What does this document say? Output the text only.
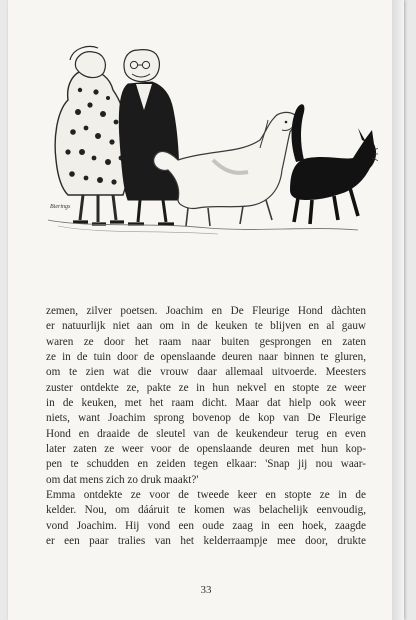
Bierings

zemen, zilver poetsen. Joachim en De Fleurige Hond dàchten
er natuurlijk niet aan om in de keuken te blijven en al gauw
waren ze door het raam naar buiten gesprongen en zaten
ze in de tuin door de openslaande deuren naar binnen te gluren,
om te zien wat die vrouw daar allemaal uitvoerde. Meesters
zuster ontdekte ze, pakte ze in hun nekvel en stopte ze weer
in de keuken, met het raam dicht. Maar dat hielp ook weer
niets, want Joachim sprong bovenop de kop van De Fleurige
Hond en draaide de sleutel van de keukendeur terug en even
later zaten ze weer voor de openslaande deuren met hun kop-
pen te schudden en zeiden tegen elkaar: 'Snap jij nou waar-
om dat mens zich zo druk maakt?'
Emma ontdekte ze voor de tweede keer en stopte ze in de
kelder. Nou, om dááruit te komen was belachelijk eenvoudig,
vond Joachim. Hij vond een oude zaag in een hoek, zaagde
er een paar tralies van het kelderraampje mee door, drukte

33
